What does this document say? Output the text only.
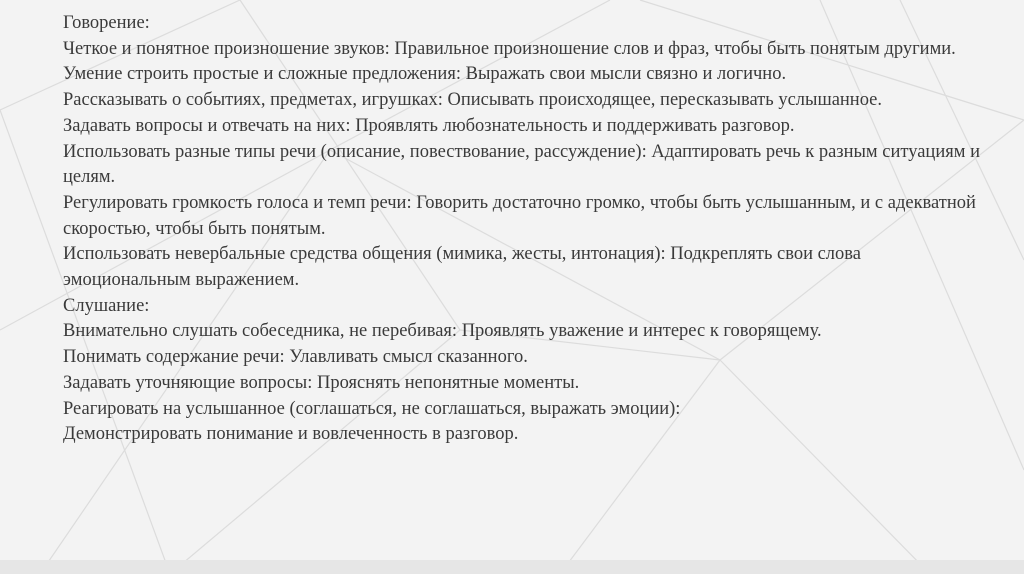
Говорение:

Четкое и понятное произношение звуков: Правильное произношение слов и фраз, чтобы быть понятым другими.

Умение строить простые и сложные предложения: Выражать свои мысли связно и логично.

Рассказывать о событиях, предметах, игрушках: Описывать происходящее, пересказывать услышанное.

Задавать вопросы и отвечать на них: Проявлять любознательность и поддерживать разговор.

Использовать разные типы речи (описание, повествование, рассуждение): Адаптировать речь к разным ситуациям и целям.

Регулировать громкость голоса и темп речи: Говорить достаточно громко, чтобы быть услышанным, и с адекватной скоростью, чтобы быть понятым.

Использовать невербальные средства общения (мимика, жесты, интонация): Подкреплять свои слова эмоциональным выражением.

Слушание:

Внимательно слушать собеседника, не перебивая: Проявлять уважение и интерес к говорящему.

Понимать содержание речи: Улавливать смысл сказанного.

Задавать уточняющие вопросы: Прояснять непонятные моменты.

Реагировать на услышанное (соглашаться, не соглашаться, выражать эмоции):

Демонстрировать понимание и вовлеченность в разговор.
